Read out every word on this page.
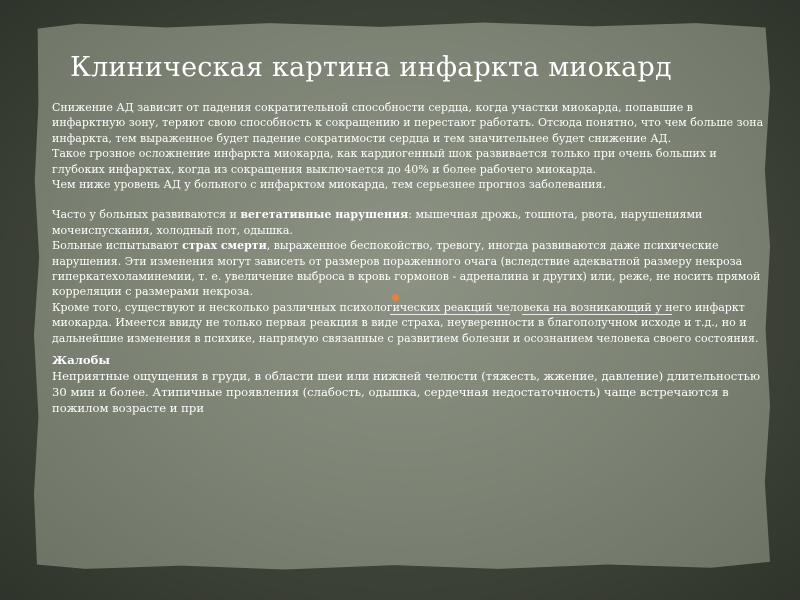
Клиническая картина инфаркта миокард

Снижение АД зависит от падения сократительной способности сердца, когда участки миокарда, попавшие в инфарктную зону, теряют свою способность к сокращению и перестают работать. Отсюда понятно, что чем больше зона инфаркта, тем выраженное будет падение сократимости сердца и тем значительнее будет снижение АД.

Такое грозное осложнение инфаркта миокарда, как кардиогенный шок развивается только при очень больших и глубоких инфарктах, когда из сокращения выключается до 40% и более рабочего миокарда.

Чем ниже уровень АД у больного с инфарктом миокарда, тем серьезнее прогноз заболевания.

Часто у больных развиваются и вегетативные нарушения: мышечная дрожь, тошнота, рвота, нарушениями мочеиспускания, холодный пот, одышка.

Больные испытывают страх смерти, выраженное беспокойство, тревогу, иногда развиваются даже психические нарушения. Эти изменения могут зависеть от размеров пораженного очага (вследствие адекватной размеру некроза гиперкатехоламинемии, т. е. увеличение выброса в кровь гормонов - адреналина и других) или, реже, не носить прямой корреляции с размерами некроза.

Кроме того, существуют и несколько различных психологических реакций человека на возникающий у него инфаркт миокарда. Имеется ввиду не только первая реакция в виде страха, неуверенности в благополучном исходе и т.д., но и дальнейшие изменения в психике, напрямую связанные с развитием болезни и осознанием человека своего состояния.

Жалобы

Неприятные ощущения в груди, в области шеи или нижней челюсти (тяжесть, жжение, давление) длительностью 30 мин и более. Атипичные проявления (слабость, одышка, сердечная недостаточность) чаще встречаются в пожилом возрасте и при
